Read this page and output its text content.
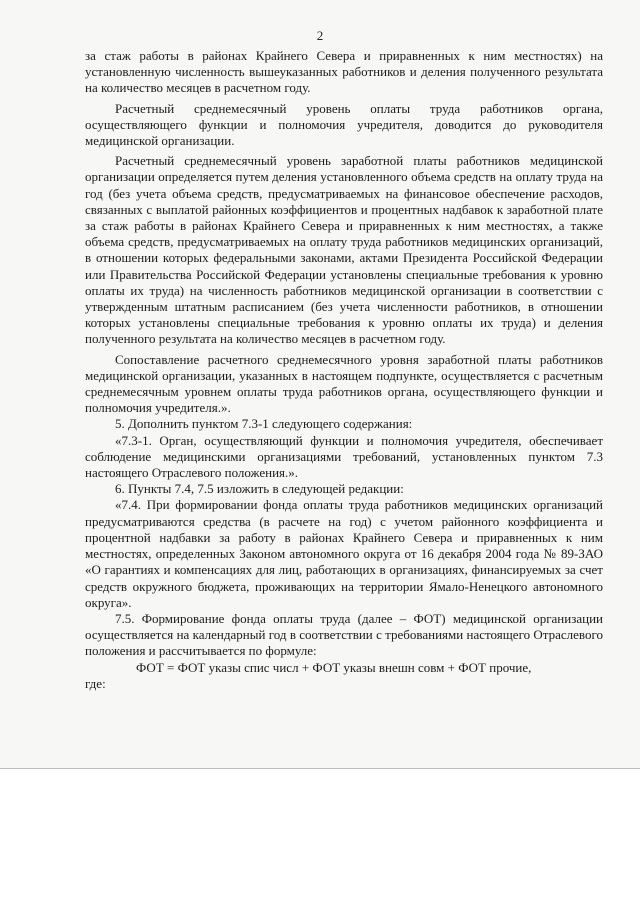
2

за стаж работы в районах Крайнего Севера и приравненных к ним местностях) на установленную численность вышеуказанных работников и деления полученного результата на количество месяцев в расчетном году.

Расчетный среднемесячный уровень оплаты труда работников органа, осуществляющего функции и полномочия учредителя, доводится до руководителя медицинской организации.

Расчетный среднемесячный уровень заработной платы работников медицинской организации определяется путем деления установленного объема средств на оплату труда на год (без учета объема средств, предусматриваемых на финансовое обеспечение расходов, связанных с выплатой районных коэффициентов и процентных надбавок к заработной плате за стаж работы в районах Крайнего Севера и приравненных к ним местностях, а также объема средств, предусматриваемых на оплату труда работников медицинских организаций, в отношении которых федеральными законами, актами Президента Российской Федерации или Правительства Российской Федерации установлены специальные требования к уровню оплаты их труда) на численность работников медицинской организации в соответствии с утвержденным штатным расписанием (без учета численности работников, в отношении которых установлены специальные требования к уровню оплаты их труда) и деления полученного результата на количество месяцев в расчетном году.

Сопоставление расчетного среднемесячного уровня заработной платы работников медицинской организации, указанных в настоящем подпункте, осуществляется с расчетным среднемесячным уровнем оплаты труда работников органа, осуществляющего функции и полномочия учредителя.».

5. Дополнить пунктом 7.3-1 следующего содержания:

«7.3-1. Орган, осуществляющий функции и полномочия учредителя, обеспечивает соблюдение медицинскими организациями требований, установленных пунктом 7.3 настоящего Отраслевого положения.».

6. Пункты 7.4, 7.5 изложить в следующей редакции:

«7.4. При формировании фонда оплаты труда работников медицинских организаций предусматриваются средства (в расчете на год) с учетом районного коэффициента и процентной надбавки за работу в районах Крайнего Севера и приравненных к ним местностях, определенных Законом автономного округа от 16 декабря 2004 года № 89-ЗАО «О гарантиях и компенсациях для лиц, работающих в организациях, финансируемых за счет средств окружного бюджета, проживающих на территории Ямало-Ненецкого автономного округа».

7.5. Формирование фонда оплаты труда (далее – ФОТ) медицинской организации осуществляется на календарный год в соответствии с требованиями настоящего Отраслевого положения и рассчитывается по формуле:

ФОТ = ФОТ указы спис числ + ФОТ указы внешн совм + ФОТ прочие,
где:
